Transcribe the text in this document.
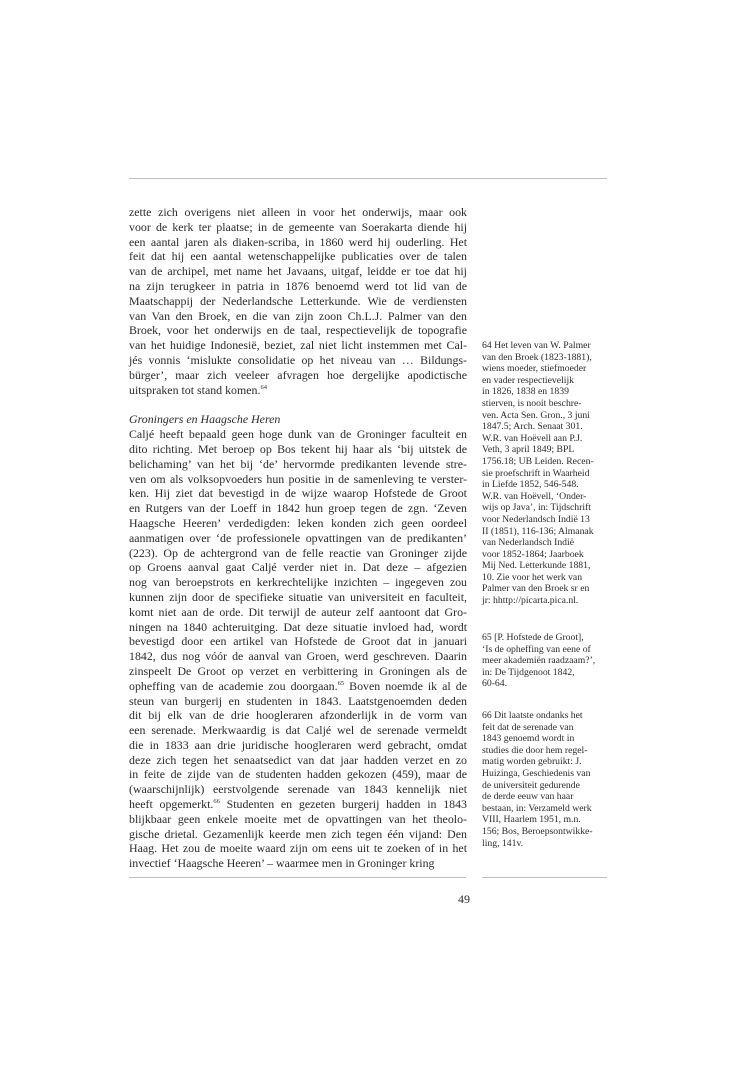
zette zich overigens niet alleen in voor het onderwijs, maar ook
voor de kerk ter plaatse; in de gemeente van Soerakarta diende hij
een aantal jaren als diaken-scriba, in 1860 werd hij ouderling. Het
feit dat hij een aantal wetenschappelijke publicaties over de talen
van de archipel, met name het Javaans, uitgaf, leidde er toe dat hij
na zijn terugkeer in patria in 1876 benoemd werd tot lid van de
Maatschappij der Nederlandsche Letterkunde. Wie de verdiensten
van Van den Broek, en die van zijn zoon Ch.L.J. Palmer van den
Broek, voor het onderwijs en de taal, respectievelijk de topografie
van het huidige Indonesië, beziet, zal niet licht instemmen met Cal-
jés vonnis ‘mislukte consolidatie op het niveau van … Bildungs-
bürger’, maar zich veeleer afvragen hoe dergelijke apodictische
uitspraken tot stand komen.$^{64}$

Groningers en Haagsche Heren

Caljé heeft bepaald geen hoge dunk van de Groninger faculteit en
dito richting. Met beroep op Bos tekent hij haar als ‘bij uitstek de
belichaming’ van het bij ‘de’ hervormde predikanten levende stre-
ven om als volksopvoeders hun positie in de samenleving te verster-
ken. Hij ziet dat bevestigd in de wijze waarop Hofstede de Groot
en Rutgers van der Loeff in 1842 hun groep tegen de zgn. ‘Zeven
Haagsche Heeren’ verdedigden: leken konden zich geen oordeel
aanmatigen over ‘de professionele opvattingen van de predikanten’
(223). Op de achtergrond van de felle reactie van Groninger zijde
op Groens aanval gaat Caljé verder niet in. Dat deze – afgezien
nog van beroepstrots en kerkrechtelijke inzichten – ingegeven zou
kunnen zijn door de specifieke situatie van universiteit en faculteit,
komt niet aan de orde. Dit terwijl de auteur zelf aantoont dat Gro-
ningen na 1840 achteruitging. Dat deze situatie invloed had, wordt
bevestigd door een artikel van Hofstede de Groot dat in januari
1842, dus nog vóór de aanval van Groen, werd geschreven. Daarin
zinspeelt De Groot op verzet en verbittering in Groningen als de
opheffing van de academie zou doorgaan.$^{65}$ Boven noemde ik al de
steun van burgerij en studenten in 1843. Laatstgenoemden deden
dit bij elk van de drie hoogleraren afzonderlijk in de vorm van
een serenade. Merkwaardig is dat Caljé wel de serenade vermeldt
die in 1833 aan drie juridische hoogleraren werd gebracht, omdat
deze zich tegen het senaatsedict van dat jaar hadden verzet en zo
in feite de zijde van de studenten hadden gekozen (459), maar de
(waarschijnlijk) eerstvolgende serenade van 1843 kennelijk niet
heeft opgemerkt.$^{66}$ Studenten en gezeten burgerij hadden in 1843
blijkbaar geen enkele moeite met de opvattingen van het theolo-
gische drietal. Gezamenlijk keerde men zich tegen één vijand: Den
Haag. Het zou de moeite waard zijn om eens uit te zoeken of in het
invectief ‘Haagsche Heeren’ – waarmee men in Groninger kring

64 Het leven van W. Palmer
van den Broek (1823-1881),
wiens moeder, stiefmoeder
en vader respectievelijk
in 1826, 1838 en 1839
stierven, is nooit beschre-
ven. Acta Sen. Gron., 3 juni
1847.5; Arch. Senaat 301.
W.R. van Hoëvell aan P.J.
Veth, 3 april 1849; BPL
1756.18; UB Leiden. Recen-
sie proefschrift in Waarheid
in Liefde 1852, 546-548.
W.R. van Hoëvell, ‘Onder-
wijs op Java’, in: Tijdschrift
voor Nederlandsch Indië 13
II (1851), 116-136; Almanak
van Nederlandsch Indië
voor 1852-1864; Jaarboek
Mij Ned. Letterkunde 1881,
10. Zie voor het werk van
Palmer van den Broek sr en
jr: hhttp://picarta.pica.nl.
65 [P. Hofstede de Groot],
‘Is de opheffing van eene of
meer akademiën raadzaam?’,
in: De Tijdgenoot 1842,
60-64.
66 Dit laatste ondanks het
feit dat de serenade van
1843 genoemd wordt in
studies die door hem regel-
matig worden gebruikt: J.
Huizinga, Geschiedenis van
de universiteit gedurende
de derde eeuw van haar
bestaan, in: Verzameld werk
VIII, Haarlem 1951, m.n.
156; Bos, Beroepsontwikke-
ling, 141v.
49
